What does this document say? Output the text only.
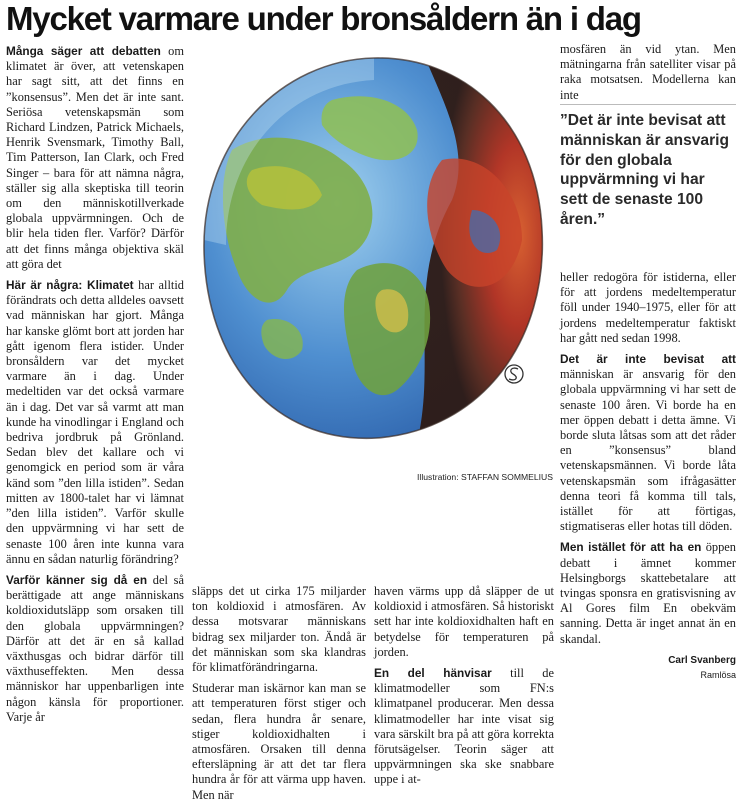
Mycket varmare under bronsåldern än i dag

Många säger att debatten om klimatet är över, att vetenskapen har sagt sitt, att det finns en ”konsensus”. Men det är inte sant. Seriösa vetenskapsmän som Richard Lindzen, Patrick Michaels, Henrik Svensmark, Timothy Ball, Tim Patterson, Ian Clark, och Fred Singer – bara för att nämna några, ställer sig alla skeptiska till teorin om den människotillverkade globala uppvärmningen. Och de blir hela tiden fler. Varför? Därför att det finns många objektiva skäl att göra det

Här är några: Klimatet har alltid förändrats och detta alldeles oavsett vad människan har gjort. Många har kanske glömt bort att jorden har gått igenom flera istider. Under bronsåldern var det mycket varmare än i dag. Under medeltiden var det också varmare än i dag. Det var så varmt att man kunde ha vinodlingar i England och bedriva jordbruk på Grönland. Sedan blev det kallare och vi genomgick en period som är våra känd som ”den lilla istiden”. Sedan mitten av 1800-talet har vi lämnat ”den lilla istiden”. Varför skulle den uppvärmning vi har sett de senaste 100 åren inte kunna vara ännu en sådan naturlig förändring?

Varför känner sig då en del så berättigade att ange människans koldioxidutsläpp som orsaken till den globala uppvärmningen? Därför att det är en så kallad växthusgas och bidrar därför till växthuseffekten. Men dessa människor har uppenbarligen inte någon känsla för proportioner. Varje år

Illustration: STAFFAN SOMMELIUS

släpps det ut cirka 175 miljarder ton koldioxid i atmosfären. Av dessa motsvarar människans bidrag sex miljarder ton. Ändå är det människan som ska klandras för klimatförändringarna.

Studerar man iskärnor kan man se att temperaturen först stiger och sedan, flera hundra år senare, stiger koldioxidhalten i atmosfären. Orsaken till denna eftersläpning är att det tar flera hundra år för att värma upp haven. Men när

haven värms upp då släpper de ut koldioxid i atmosfären. Så historiskt sett har inte koldioxidhalten haft en betydelse för temperaturen på jorden.

En del hänvisar till de klimatmodeller som FN:s klimatpanel producerar. Men dessa klimatmodeller har inte visat sig vara särskilt bra på att göra korrekta förutsägelser. Teorin säger att uppvärmningen ska ske snabbare uppe i at-

mosfären än vid ytan. Men mätningarna från satelliter visar på raka motsatsen. Modellerna kan inte

”Det är inte bevisat att människan är ansvarig för den globala uppvärmning vi har sett de senaste 100 åren.”

heller redogöra för istiderna, eller för att jordens medeltemperatur föll under 1940–1975, eller för att jordens medeltemperatur faktiskt har gått ned sedan 1998.

Det är inte bevisat att människan är ansvarig för den globala uppvärmning vi har sett de senaste 100 åren. Vi borde ha en mer öppen debatt i detta ämne. Vi borde sluta låtsas som att det råder en ”konsensus” bland vetenskapsmännen. Vi borde låta vetenskapsmän som ifrågasätter denna teori få komma till tals, istället för att förtigas, stigmatiseras eller hotas till döden.

Men istället för att ha en öppen debatt i ämnet kommer Helsingborgs skattebetalare att tvingas sponsra en gratisvisning av Al Gores film En obekväm sanning. Detta är inget annat än en skandal.

Carl Svanberg
Ramlösa
